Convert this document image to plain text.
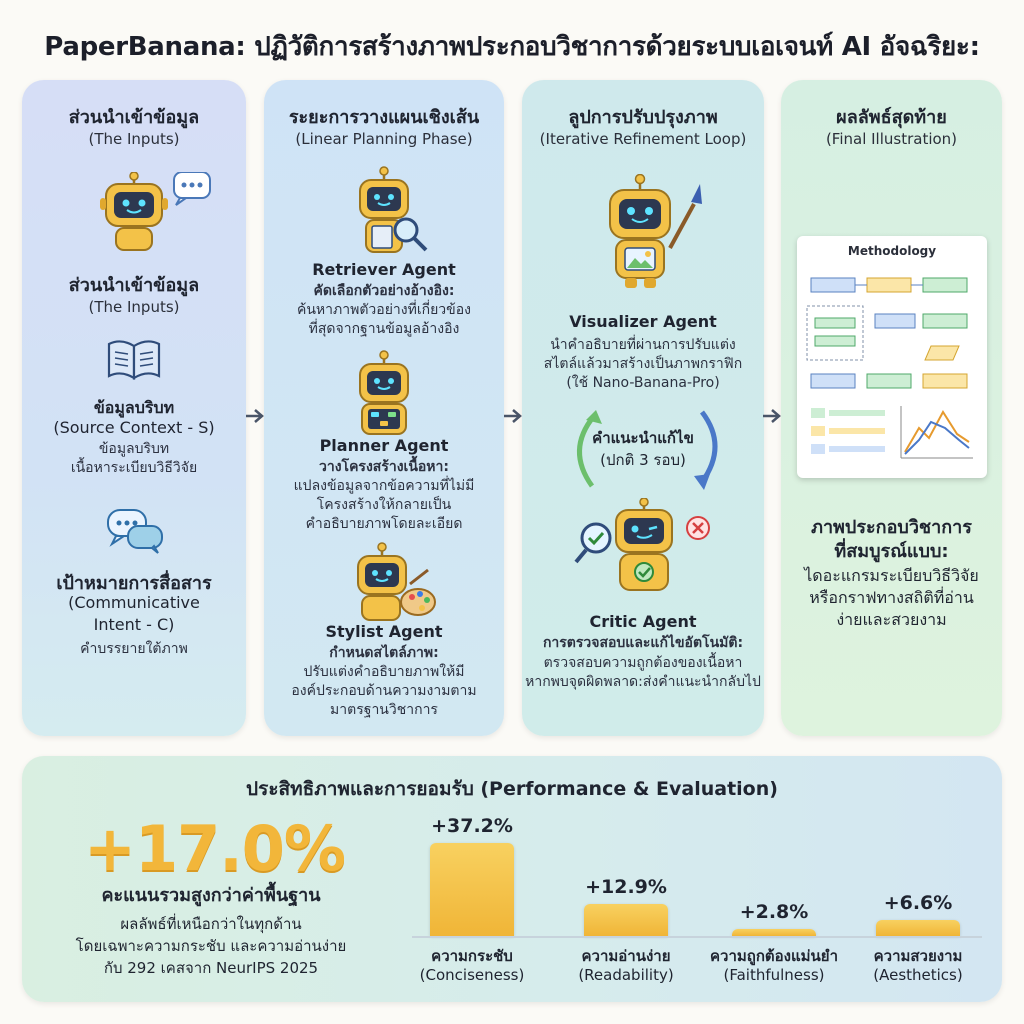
PaperBanana: ปฏิวัติการสร้างภาพประกอบวิชาการด้วยระบบเอเจนท์ AI อัจฉริยะ:
ส่วนนำเข้าข้อมูล
(The Inputs)
ส่วนนำเข้าข้อมูล
(The Inputs)
ข้อมูลบริบท
(Source Context - S)
ข้อมูลบริบท
เนื้อหาระเบียบวิธีวิจัย
เป้าหมายการสื่อสาร
(Communicative
Intent - C)
คำบรรยายใต้ภาพ
ระยะการวางแผนเชิงเส้น
(Linear Planning Phase)
Retriever Agent
คัดเลือกตัวอย่างอ้างอิง:
ค้นหาภาพตัวอย่างที่เกี่ยวข้อง
ที่สุดจากฐานข้อมูลอ้างอิง
Planner Agent
วางโครงสร้างเนื้อหา:
แปลงข้อมูลจากข้อความที่ไม่มี
โครงสร้างให้กลายเป็น
คำอธิบายภาพโดยละเอียด
Stylist Agent
กำหนดสไตล์ภาพ:
ปรับแต่งคำอธิบายภาพให้มี
องค์ประกอบด้านความงามตาม
มาตรฐานวิชาการ
ลูปการปรับปรุงภาพ
(Iterative Refinement Loop)
Visualizer Agent
นำคำอธิบายที่ผ่านการปรับแต่ง
สไตล์แล้วมาสร้างเป็นภาพกราฟิก
(ใช้ Nano-Banana-Pro)
คำแนะนำแก้ไข
(ปกติ 3 รอบ)
Critic Agent
การตรวจสอบและแก้ไขอัตโนมัติ:
ตรวจสอบความถูกต้องของเนื้อหา
หากพบจุดผิดพลาด:ส่งคำแนะนำกลับไป
ผลลัพธ์สุดท้าย
(Final Illustration)
Methodology
ภาพประกอบวิชาการ
ที่สมบูรณ์แบบ:
ไดอะแกรมระเบียบวิธีวิจัย
หรือกราฟทางสถิติที่อ่าน
ง่ายและสวยงาม
ประสิทธิภาพและการยอมรับ (Performance & Evaluation)
+17.0%
คะแนนรวมสูงกว่าค่าพื้นฐาน
ผลลัพธ์ที่เหนือกว่าในทุกด้าน
โดยเฉพาะความกระชับ และความอ่านง่าย
กับ 292 เคสจาก NeurIPS 2025
+37.2%
ความกระชับ
(Conciseness)
+12.9%
ความอ่านง่าย
(Readability)
+2.8%
ความถูกต้องแม่นยำ
(Faithfulness)
+6.6%
ความสวยงาม
(Aesthetics)
